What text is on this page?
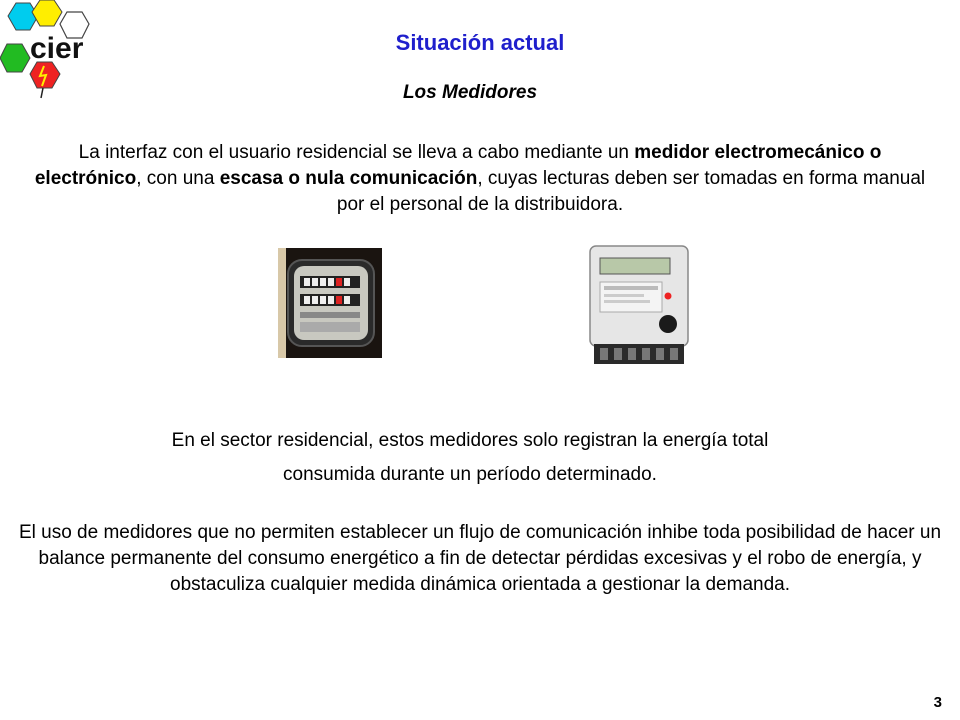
cier	Situación actual
Los Medidores
La interfaz con el usuario residencial se lleva a cabo mediante un medidor electromecánico o electrónico, con una escasa o nula comunicación, cuyas lecturas deben ser tomadas en forma manual por el personal de la distribuidora.
En el sector residencial, estos medidores solo registran la energía total consumida durante un período determinado.
El uso de medidores que no permiten establecer un flujo de comunicación inhibe toda posibilidad de hacer un balance permanente del consumo energético a fin de detectar pérdidas excesivas y el robo de energía, y obstaculiza cualquier medida dinámica orientada a gestionar la demanda.
3
